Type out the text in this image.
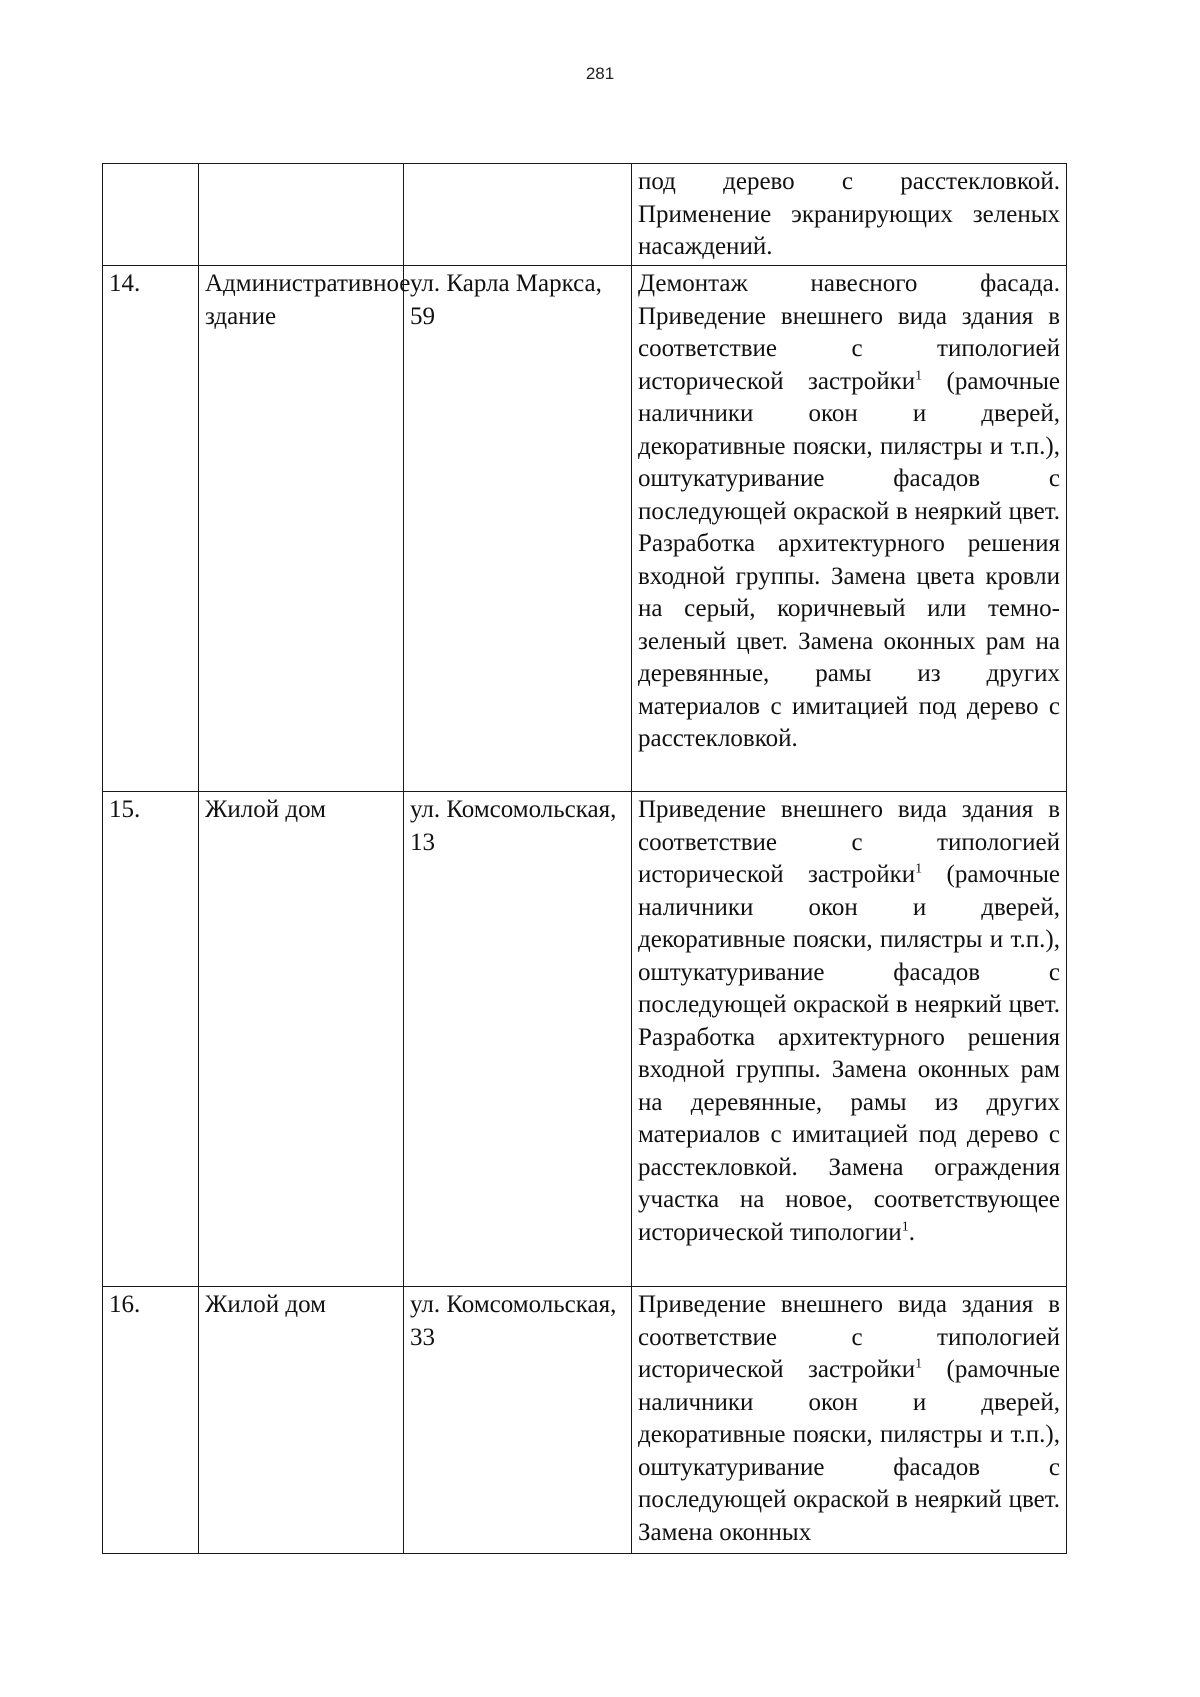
281
			под дерево с расстекловкой. Применение экранирующих зеленых насаждений.
14.	Административное здание	ул. Карла Маркса, 59	Демонтаж навесного фасада. Приведение внешнего вида здания в соответствие с типологией исторической застройки$^1$ (рамочные наличники окон и дверей, декоративные пояски, пилястры и т.п.), оштукатуривание фасадов с последующей окраской в неяркий цвет. Разработка архитектурного решения входной группы. Замена цвета кровли на серый, коричневый или темно-зеленый цвет. Замена оконных рам на деревянные, рамы из других материалов с имитацией под дерево с расстекловкой.
15.	Жилой дом	ул. Комсомольская, 13	Приведение внешнего вида здания в соответствие с типологией исторической застройки$^1$ (рамочные наличники окон и дверей, декоративные пояски, пилястры и т.п.), оштукатуривание фасадов с последующей окраской в неяркий цвет. Разработка архитектурного решения входной группы. Замена оконных рам на деревянные, рамы из других материалов с имитацией под дерево с расстекловкой. Замена ограждения участка на новое, соответствующее исторической типологии$^1$.
16.	Жилой дом	ул. Комсомольская, 33	Приведение внешнего вида здания в соответствие с типологией исторической застройки$^1$ (рамочные наличники окон и дверей, декоративные пояски, пилястры и т.п.), оштукатуривание фасадов с последующей окраской в неяркий цвет. Замена оконных
